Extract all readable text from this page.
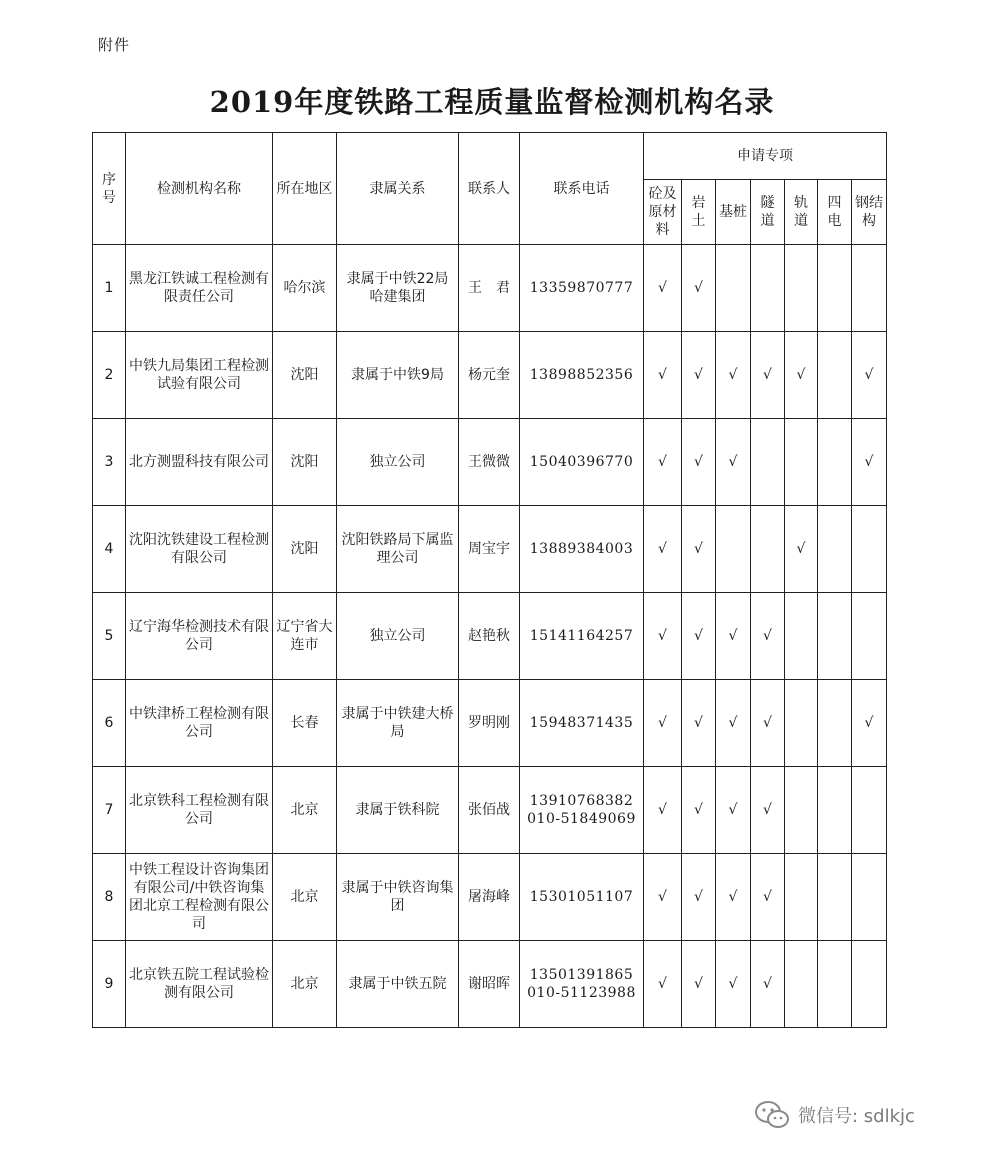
附件
2019年度铁路工程质量监督检测机构名录
序号	检测机构名称	所在地区	隶属关系	联系人	联系电话	申请专项						
						砼及原材料	岩土	基桩	隧道	轨道	四电	钢结构
1	黑龙江铁诚工程检测有限责任公司	哈尔滨	隶属于中铁22局哈建集团	王　君	13359870777	√	√					
2	中铁九局集团工程检测试验有限公司	沈阳	隶属于中铁9局	杨元奎	13898852356	√	√	√	√	√		√
3	北方测盟科技有限公司	沈阳	独立公司	王微微	15040396770	√	√	√				√
4	沈阳沈铁建设工程检测有限公司	沈阳	沈阳铁路局下属监理公司	周宝宇	13889384003	√	√			√		
5	辽宁海华检测技术有限公司	辽宁省大连市	独立公司	赵艳秋	15141164257	√	√	√	√			
6	中铁津桥工程检测有限公司	长春	隶属于中铁建大桥局	罗明刚	15948371435	√	√	√	√			√
7	北京铁科工程检测有限公司	北京	隶属于铁科院	张佰战	13910768382
010-51849069	√	√	√	√			
8	中铁工程设计咨询集团有限公司/中铁咨询集团北京工程检测有限公司	北京	隶属于中铁咨询集团	屠海峰	15301051107	√	√	√	√			
9	北京铁五院工程试验检测有限公司	北京	隶属于中铁五院	谢昭晖	13501391865
010-51123988	√	√	√	√			
微信号: sdlkjc
